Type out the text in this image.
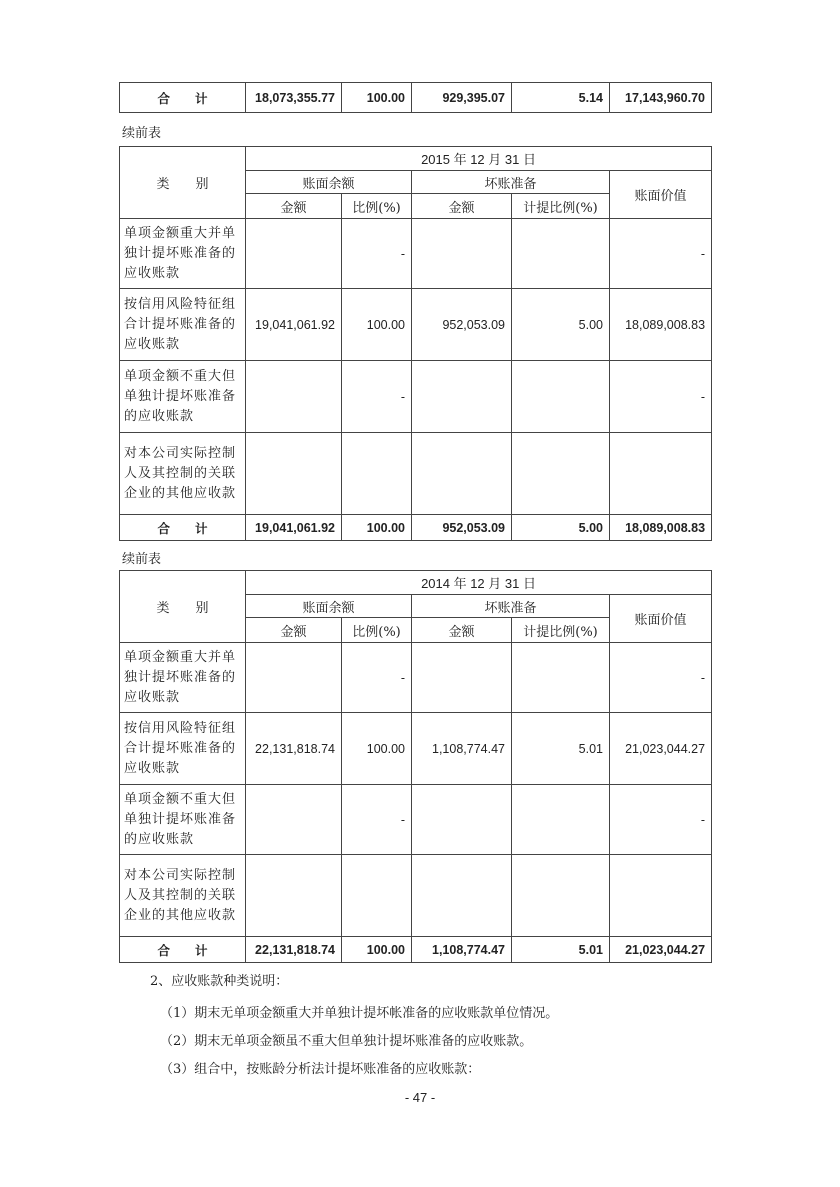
合　　计	18,073,355.77	100.00	929,395.07	5.14	17,143,960.70
续前表
类　　别	2015 年 12 月 31 日				
	账面余额		坏账准备		账面价值
	金额	比例(%)	金额	计提比例(%)	
单项金额重大并单独计提坏账准备的应收账款		-			-
按信用风险特征组合计提坏账准备的应收账款	19,041,061.92	100.00	952,053.09	5.00	18,089,008.83
单项金额不重大但单独计提坏账准备的应收账款		-			-
对本公司实际控制人及其控制的关联企业的其他应收款					
合　　计	19,041,061.92	100.00	952,053.09	5.00	18,089,008.83
续前表
类　　别	2014 年 12 月 31 日				
	账面余额		坏账准备		账面价值
	金额	比例(%)	金额	计提比例(%)	
单项金额重大并单独计提坏账准备的应收账款		-			-
按信用风险特征组合计提坏账准备的应收账款	22,131,818.74	100.00	1,108,774.47	5.01	21,023,044.27
单项金额不重大但单独计提坏账准备的应收账款		-			-
对本公司实际控制人及其控制的关联企业的其他应收款					
合　　计	22,131,818.74	100.00	1,108,774.47	5.01	21,023,044.27
2、应收账款种类说明：
（1）期末无单项金额重大并单独计提坏帐准备的应收账款单位情况。
（2）期末无单项金额虽不重大但单独计提坏账准备的应收账款。
（3）组合中，按账龄分析法计提坏账准备的应收账款：
- 47 -
